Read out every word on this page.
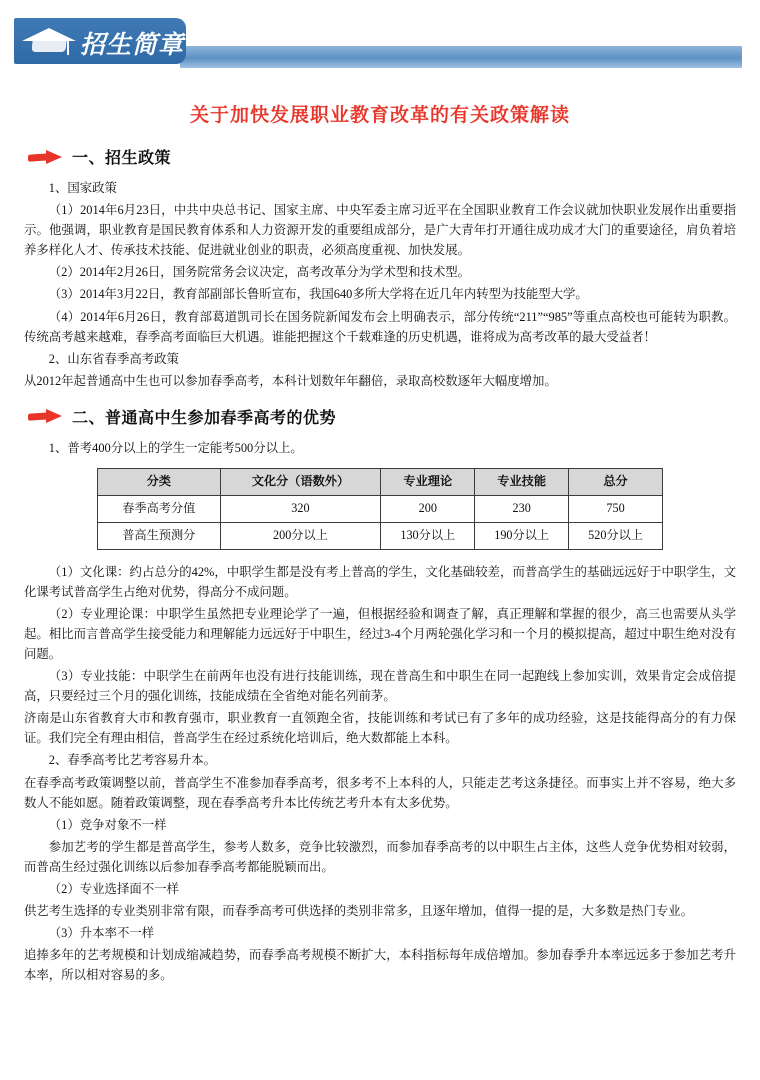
招生简章
关于加快发展职业教育改革的有关政策解读
一、招生政策

1、国家政策

（1）2014年6月23日，中共中央总书记、国家主席、中央军委主席习近平在全国职业教育工作会议就加快职业发展作出重要指示。他强调，职业教育是国民教育体系和人力资源开发的重要组成部分，是广大青年打开通往成功成才大门的重要途径，肩负着培养多样化人才、传承技术技能、促进就业创业的职责，必须高度重视、加快发展。

（2）2014年2月26日，国务院常务会议决定，高考改革分为学术型和技术型。

（3）2014年3月22日，教育部副部长鲁昕宣布，我国640多所大学将在近几年内转型为技能型大学。

（4）2014年6月26日，教育部葛道凯司长在国务院新闻发布会上明确表示，部分传统“211”“985”等重点高校也可能转为职教。传统高考越来越难，春季高考面临巨大机遇。谁能把握这个千载难逢的历史机遇，谁将成为高考改革的最大受益者！

2、山东省春季高考政策

从2012年起普通高中生也可以参加春季高考，本科计划数年年翻倍，录取高校数逐年大幅度增加。

二、普通高中生参加春季高考的优势

1、普考400分以上的学生一定能考500分以上。

分类	文化分（语数外）	专业理论	专业技能	总分
春季高考分值	320	200	230	750
普高生预测分	200分以上	130分以上	190分以上	520分以上

（1）文化课：约占总分的42%，中职学生都是没有考上普高的学生，文化基础较差，而普高学生的基础远远好于中职学生，文化课考试普高学生占绝对优势，得高分不成问题。

（2）专业理论课：中职学生虽然把专业理论学了一遍，但根据经验和调查了解，真正理解和掌握的很少，高三也需要从头学起。相比而言普高学生接受能力和理解能力远远好于中职生，经过3-4个月两轮强化学习和一个月的模拟提高，超过中职生绝对没有问题。

（3）专业技能：中职学生在前两年也没有进行技能训练，现在普高生和中职生在同一起跑线上参加实训，效果肯定会成倍提高，只要经过三个月的强化训练，技能成绩在全省绝对能名列前茅。

济南是山东省教育大市和教育强市，职业教育一直领跑全省，技能训练和考试已有了多年的成功经验，这是技能得高分的有力保证。我们完全有理由相信，普高学生在经过系统化培训后，绝大数都能上本科。

2、春季高考比艺考容易升本。

在春季高考政策调整以前，普高学生不准参加春季高考，很多考不上本科的人，只能走艺考这条捷径。而事实上并不容易，绝大多数人不能如愿。随着政策调整，现在春季高考升本比传统艺考升本有太多优势。

（1）竞争对象不一样

参加艺考的学生都是普高学生，参考人数多，竞争比较激烈，而参加春季高考的以中职生占主体，这些人竞争优势相对较弱，而普高生经过强化训练以后参加春季高考都能脱颖而出。

（2）专业选择面不一样

供艺考生选择的专业类别非常有限，而春季高考可供选择的类别非常多，且逐年增加，值得一提的是，大多数是热门专业。

（3）升本率不一样

追捧多年的艺考规模和计划成缩减趋势，而春季高考规模不断扩大，本科指标每年成倍增加。参加春季升本率远远多于参加艺考升本率，所以相对容易的多。
